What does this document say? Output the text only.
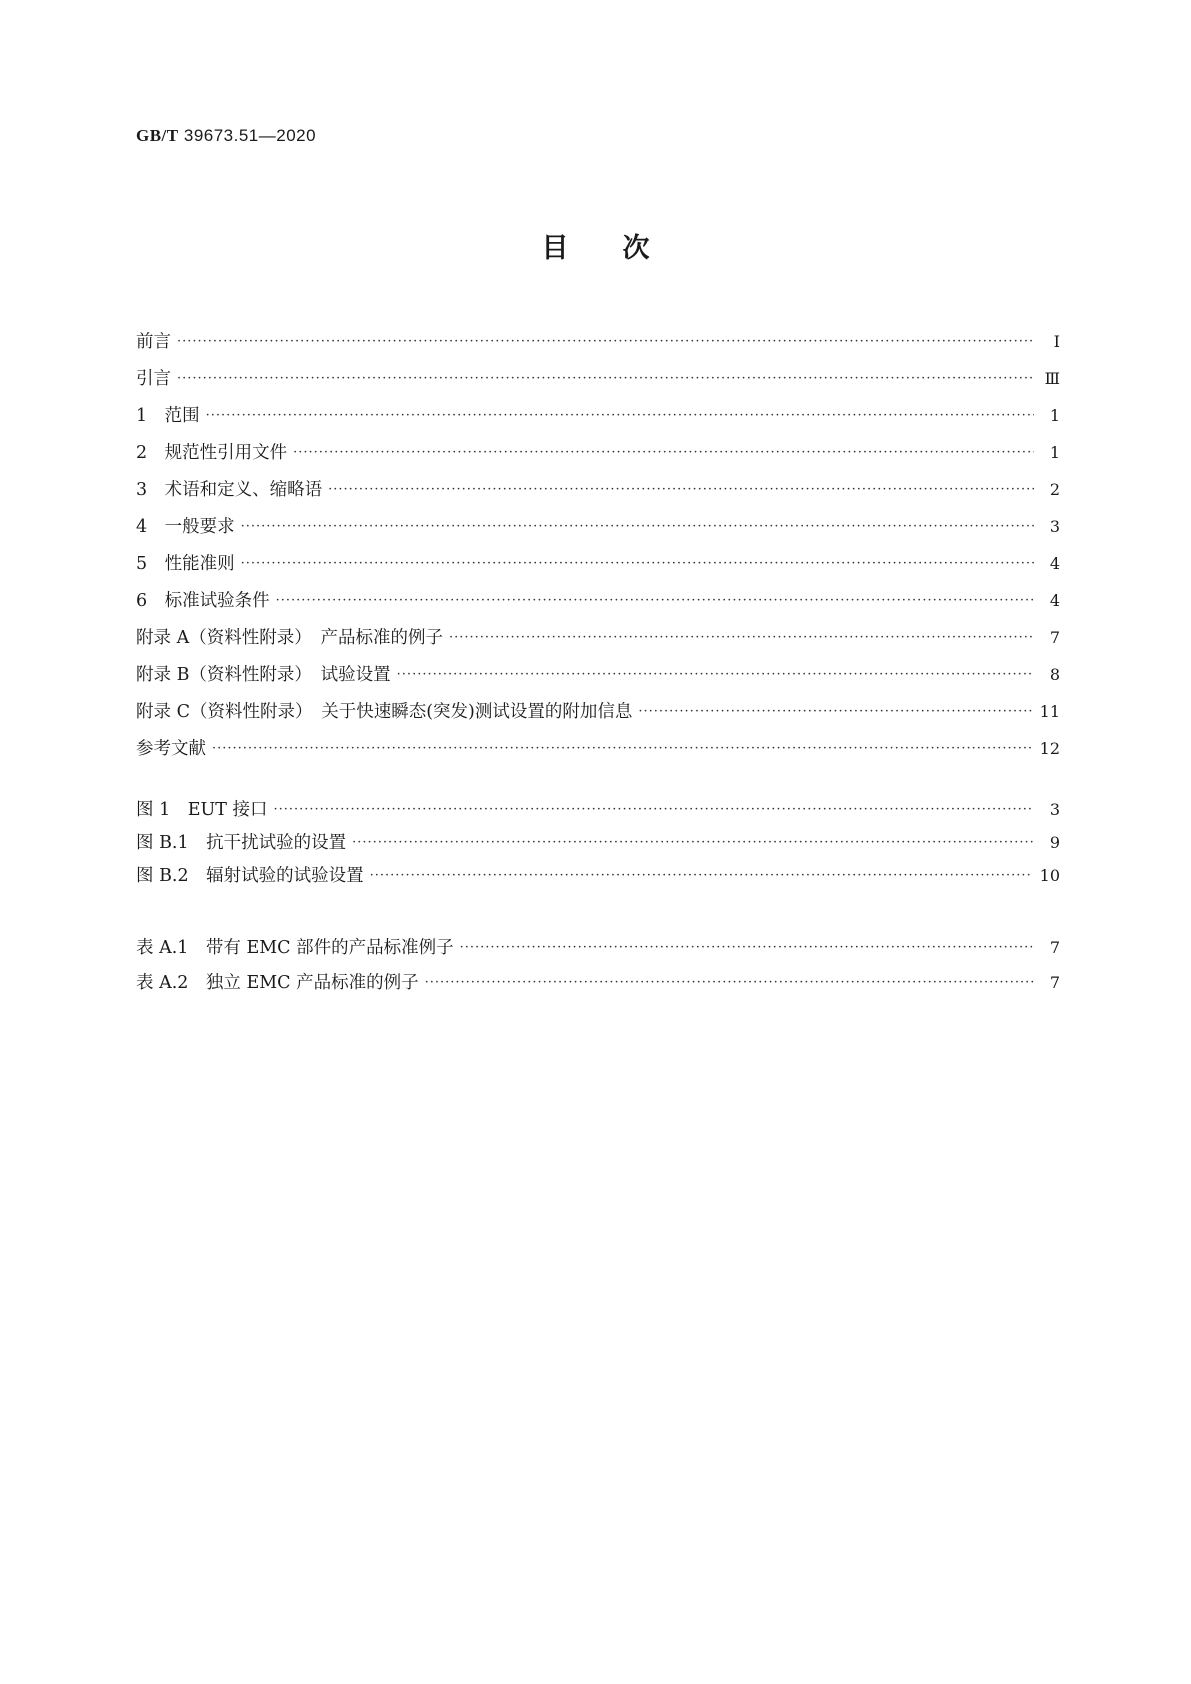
GB/T 39673.51—2020
目次
前言 ·····	Ⅰ
引言 ·····	Ⅲ
1　范围 ·····	1
2　规范性引用文件 ·····	1
3　术语和定义、缩略语 ·····	2
4　一般要求 ·····	3
5　性能准则 ·····	4
6　标准试验条件 ·····	4
附录 A（资料性附录）　产品标准的例子 ·····	7
附录 B（资料性附录）　试验设置 ·····	8
附录 C（资料性附录）　关于快速瞬态(突发)测试设置的附加信息 ·····	11
参考文献 ·····	12
图 1　EUT 接口 ·····	3
图 B.1　抗干扰试验的设置 ·····	9
图 B.2　辐射试验的试验设置 ·····	10
表 A.1　带有 EMC 部件的产品标准例子 ·····	7
表 A.2　独立 EMC 产品标准的例子 ·····	7
